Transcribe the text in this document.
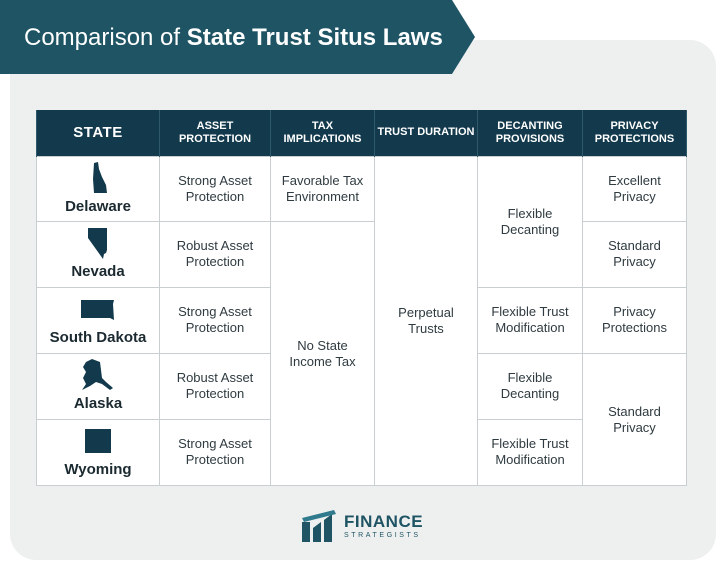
Comparison of State Trust Situs Laws
STATE	ASSET PROTECTION	TAX IMPLICATIONS	TRUST DURATION	DECANTING PROVISIONS	PRIVACY PROTECTIONS

Delaware	Strong Asset Protection	Favorable Tax Environment	Perpetual Trusts	Flexible Decanting	Excellent Privacy

Nevada	Robust Asset Protection	No State Income Tax			Standard Privacy

South Dakota	Strong Asset Protection			Flexible Trust Modification	Privacy Protections

Alaska	Robust Asset Protection			Flexible Decanting	Standard Privacy

Wyoming	Strong Asset Protection			Flexible Trust Modification	
FINANCE
STRATEGISTS
